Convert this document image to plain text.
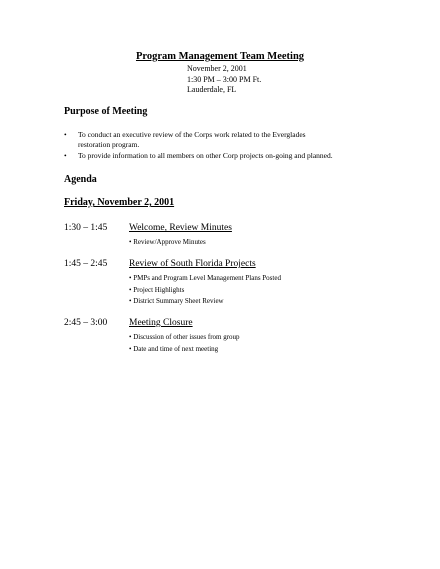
Program Management Team Meeting
November 2, 2001
1:30 PM – 3:00 PM Ft.
Lauderdale, FL
Purpose of Meeting
• To conduct an executive review of the Corps work related to the Everglades
restoration program.
• To provide information to all members on other Corp projects on-going and planned.
Agenda
Friday, November 2, 2001
1:30 – 1:45 Welcome, Review Minutes
• Review/Approve Minutes
1:45 – 2:45 Review of South Florida Projects
• PMPs and Program Level Management Plans Posted
• Project Highlights
• District Summary Sheet Review
2:45 – 3:00 Meeting Closure
• Discussion of other issues from group
• Date and time of next meeting
